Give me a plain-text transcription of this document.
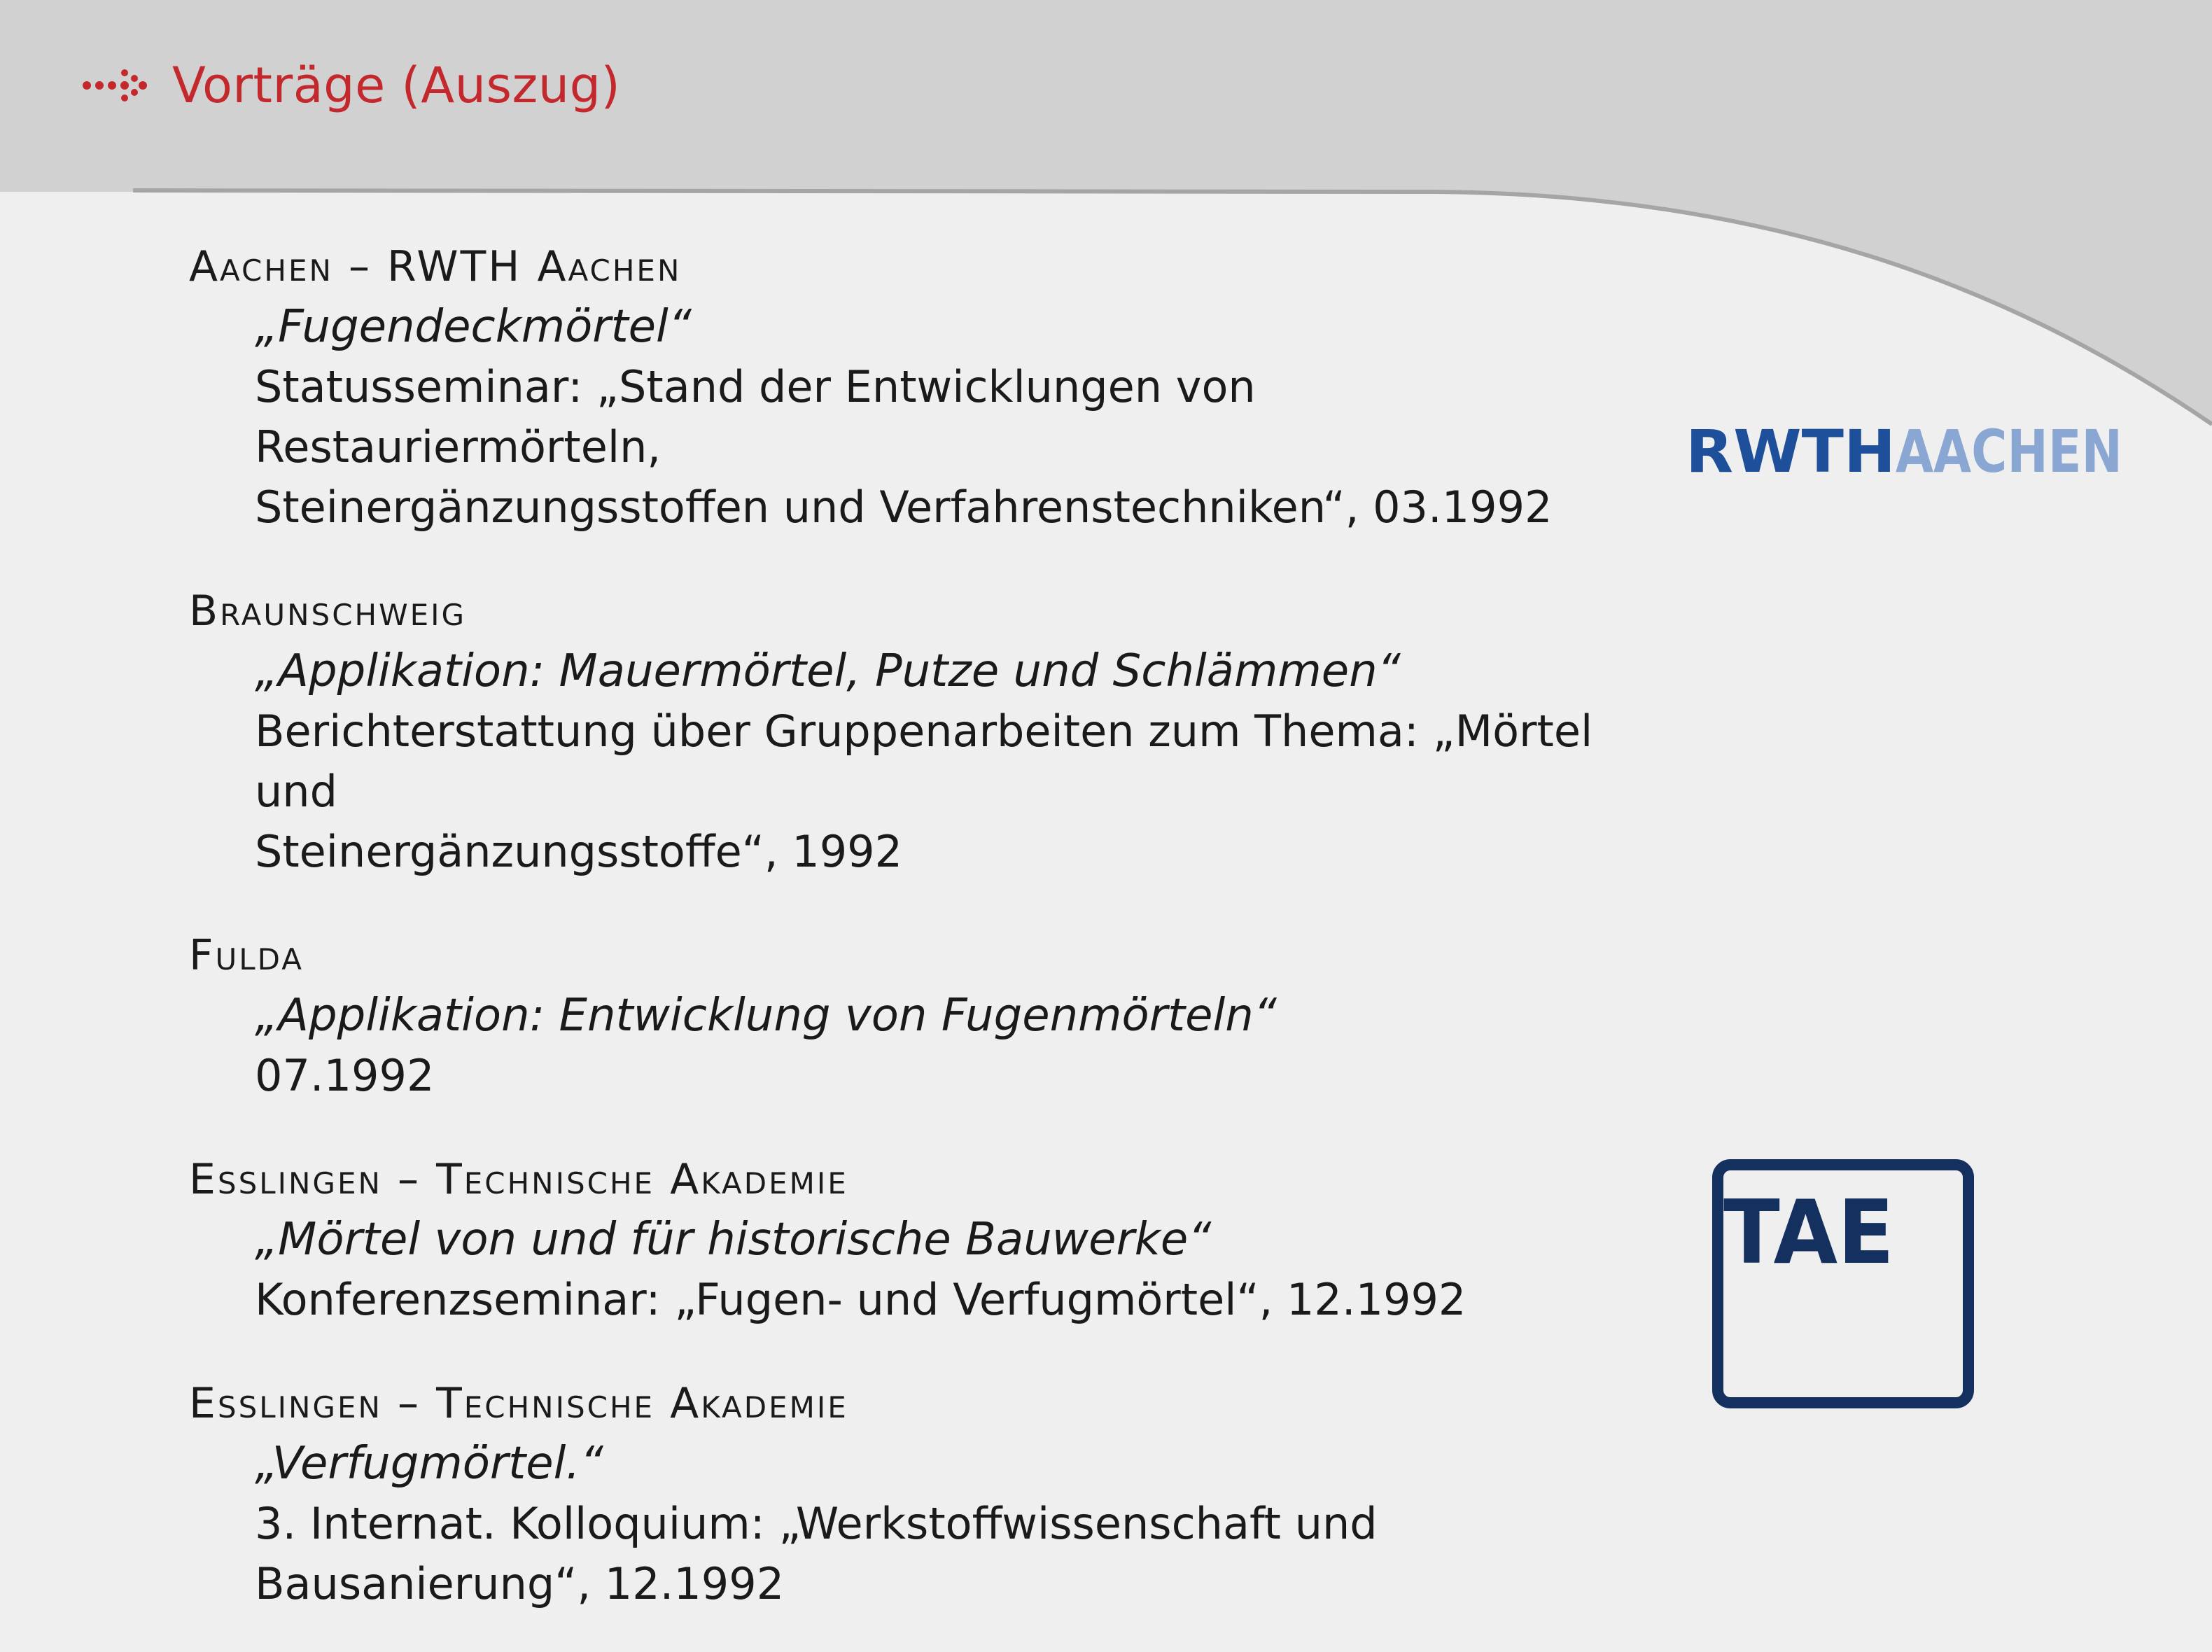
Vorträge (Auszug)
Aachen – RWTH Aachen
„Fugendeckmörtel“
Statusseminar: „Stand der Entwicklungen von Restauriermörteln,
Steinergänzungsstoffen und Verfahrenstechniken“, 03.1992
Braunschweig
„Applikation: Mauermörtel, Putze und Schlämmen“
Berichterstattung über Gruppenarbeiten zum Thema: „Mörtel und
Steinergänzungsstoffe“, 1992
Fulda
„Applikation: Entwicklung von Fugenmörteln“
07.1992
Esslingen – Technische Akademie
„Mörtel von und für historische Bauwerke“
Konferenzseminar: „Fugen- und Verfugmörtel“, 12.1992
Esslingen – Technische Akademie
„Verfugmörtel.“
3. Internat. Kolloquium: „Werkstoffwissenschaft und
Bausanierung“, 12.1992
RWTH AACHEN
TAE
